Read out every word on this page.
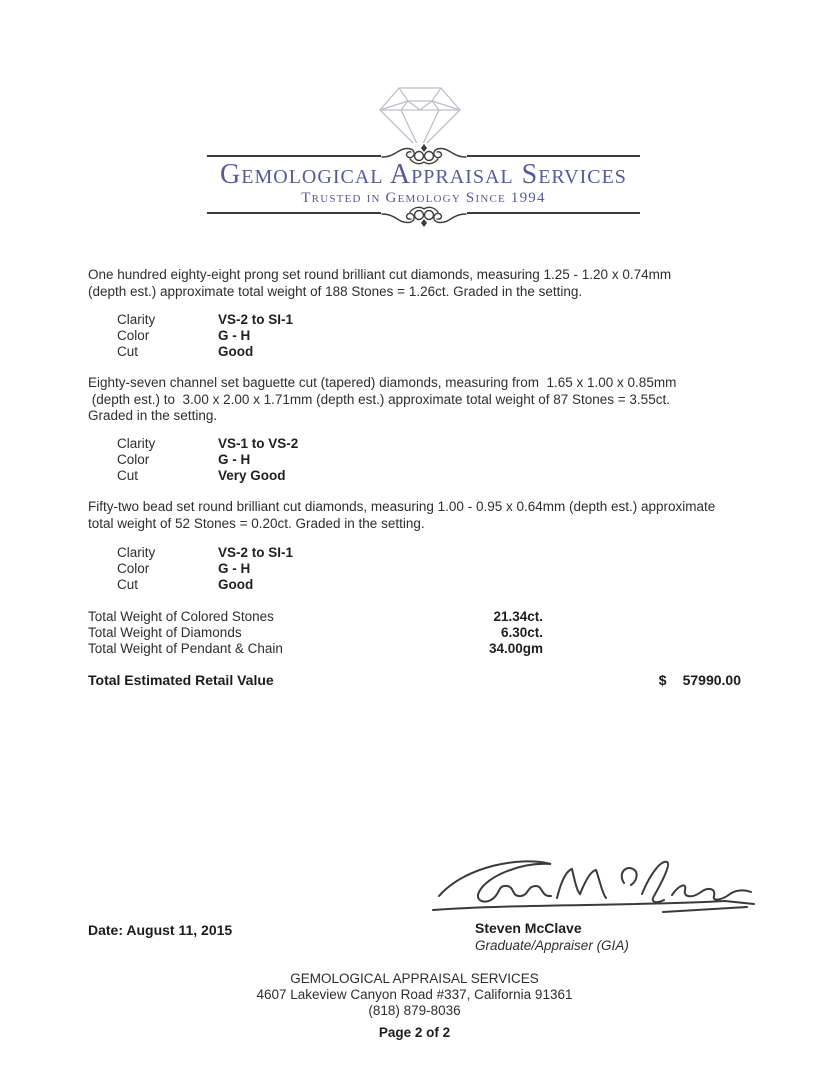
Gemological Appraisal Services
Trusted in Gemology Since 1994
One hundred eighty-eight prong set round brilliant cut diamonds, measuring 1.25 - 1.20 x 0.74mm
(depth est.) approximate total weight of 188 Stones = 1.26ct. Graded in the setting.
Clarity	VS-2 to SI-1
Color	G - H
Cut	Good
Eighty-seven channel set baguette cut (tapered) diamonds, measuring from  1.65 x 1.00 x 0.85mm
(depth est.) to  3.00 x 2.00 x 1.71mm (depth est.) approximate total weight of 87 Stones = 3.55ct.
Graded in the setting.
Clarity	VS-1 to VS-2
Color	G - H
Cut	Very Good
Fifty-two bead set round brilliant cut diamonds, measuring 1.00 - 0.95 x 0.64mm (depth est.) approximate
total weight of 52 Stones = 0.20ct. Graded in the setting.
Clarity	VS-2 to SI-1
Color	G - H
Cut	Good
Total Weight of Colored Stones	21.34ct.
Total Weight of Diamonds	6.30ct.
Total Weight of Pendant & Chain	34.00gm
Total Estimated Retail Value	$ 57990.00
Date: August 11, 2015	Steven McClave
Graduate/Appraiser (GIA)
GEMOLOGICAL APPRAISAL SERVICES
4607 Lakeview Canyon Road #337, California 91361
(818) 879-8036
Page 2 of 2
